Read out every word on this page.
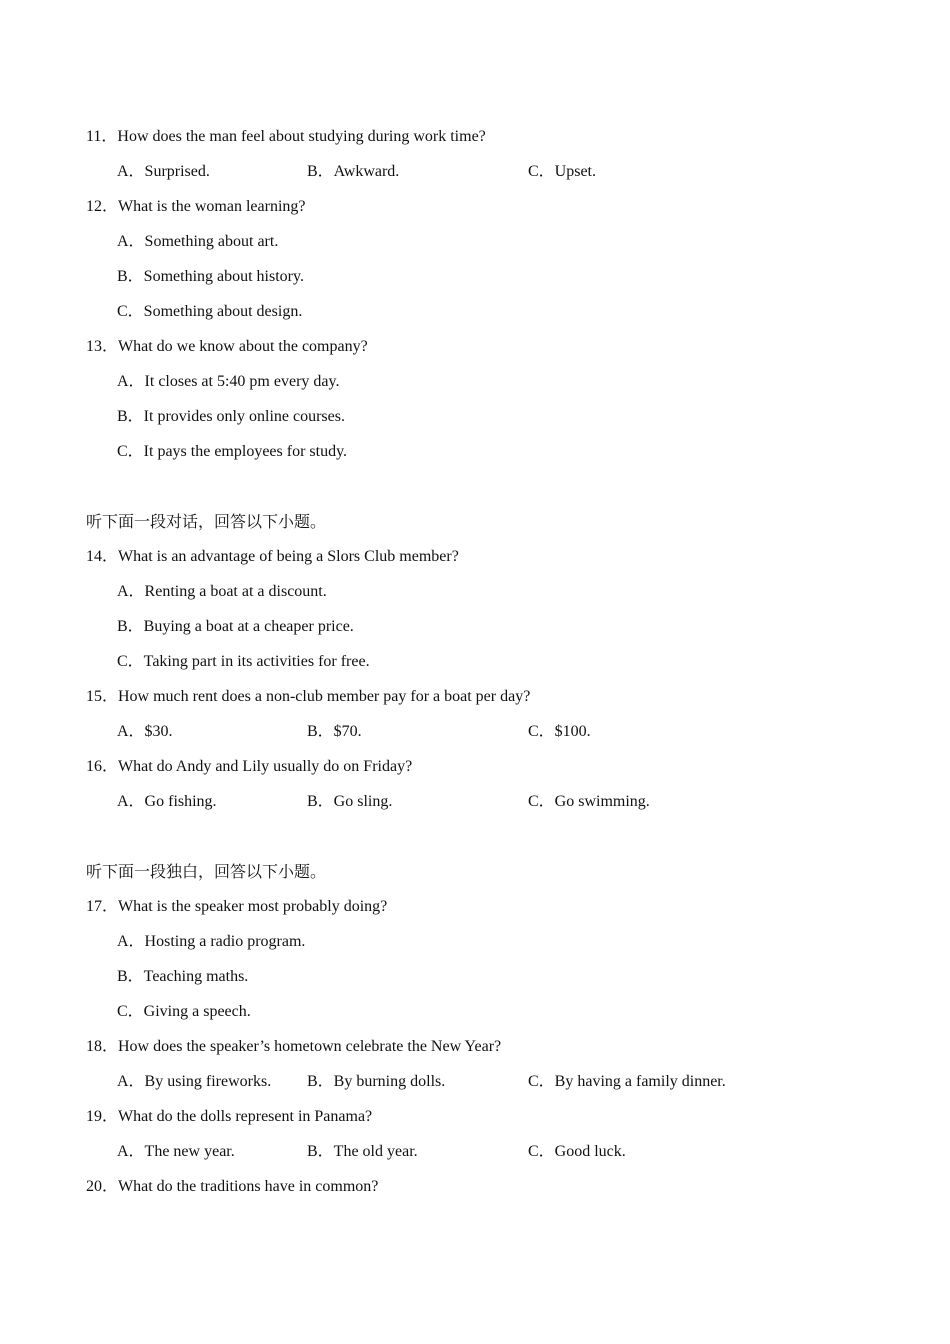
11．How does the man feel about studying during work time?
A．Surprised.	B．Awkward.	C．Upset.
12．What is the woman learning?
A．Something about art.
B．Something about history.
C．Something about design.
13．What do we know about the company?
A．It closes at 5:40 pm every day.
B．It provides only online courses.
C．It pays the employees for study.
听下面一段对话，回答以下小题。
14．What is an advantage of being a Slors Club member?
A．Renting a boat at a discount.
B．Buying a boat at a cheaper price.
C．Taking part in its activities for free.
15．How much rent does a non-club member pay for a boat per day?
A．$30.	B．$70.	C．$100.
16．What do Andy and Lily usually do on Friday?
A．Go fishing.	B．Go sling.	C．Go swimming.
听下面一段独白，回答以下小题。
17．What is the speaker most probably doing?
A．Hosting a radio program.
B．Teaching maths.
C．Giving a speech.
18．How does the speaker’s hometown celebrate the New Year?
A．By using fireworks. B．By burning dolls.	C．By having a family dinner.
19．What do the dolls represent in Panama?
A．The new year.	B．The old year.	C．Good luck.
20．What do the traditions have in common?
